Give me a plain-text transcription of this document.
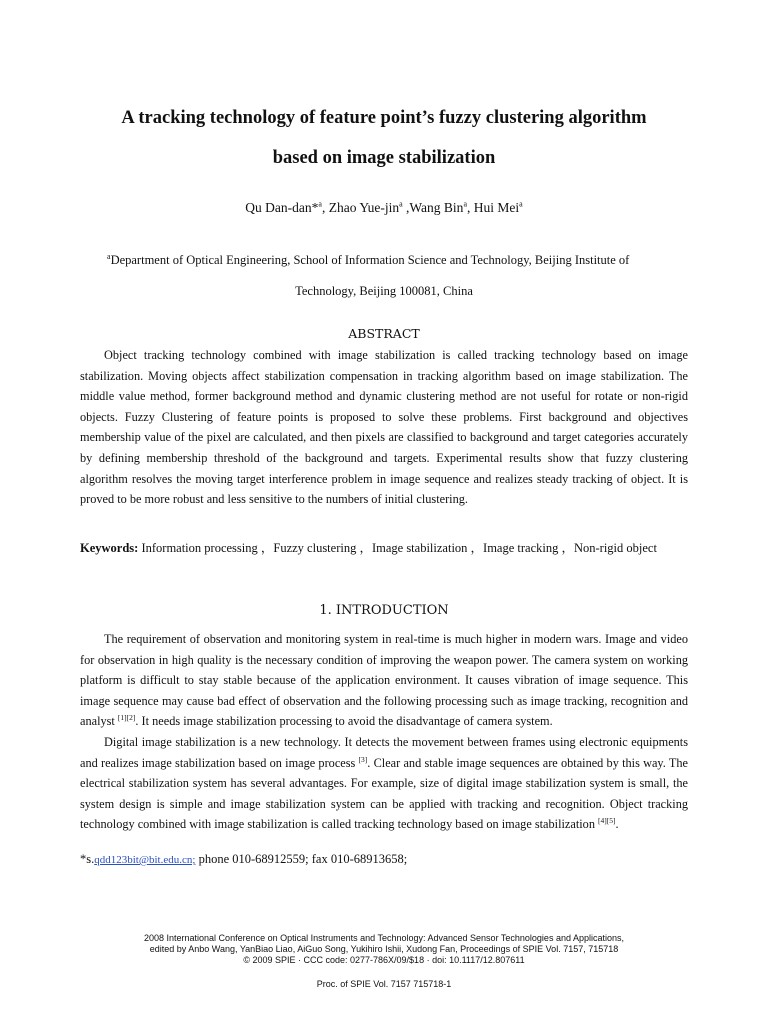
A tracking technology of feature point’s fuzzy clustering algorithm
based on image stabilization
Qu Dan-dan*$^a$, Zhao Yue-jin$^a$ ,Wang Bin$^a$, Hui Mei$^a$
$^a$Department of Optical Engineering, School of Information Science and Technology, Beijing Institute of
Technology, Beijing 100081, China
ABSTRACT

Object tracking technology combined with image stabilization is called tracking technology based on image stabilization. Moving objects affect stabilization compensation in tracking algorithm based on image stabilization. The middle value method, former background method and dynamic clustering method are not useful for rotate or non-rigid objects. Fuzzy Clustering of feature points is proposed to solve these problems. First background and objectives membership value of the pixel are calculated, and then pixels are classified to background and target categories accurately by defining membership threshold of the background and targets. Experimental results show that fuzzy clustering algorithm resolves the moving target interference problem in image sequence and realizes steady tracking of object. It is proved to be more robust and less sensitive to the numbers of initial clustering.

Keywords: Information processing ，Fuzzy clustering ，Image stabilization ，Image tracking ，Non-rigid object
1. INTRODUCTION

The requirement of observation and monitoring system in real-time is much higher in modern wars. Image and video for observation in high quality is the necessary condition of improving the weapon power. The camera system on working platform is difficult to stay stable because of the application environment. It causes vibration of image sequence. This image sequence may cause bad effect of observation and the following processing such as image tracking, recognition and analyst [1][2]. It needs image stabilization processing to avoid the disadvantage of camera system.

Digital image stabilization is a new technology. It detects the movement between frames using electronic equipments and realizes image stabilization based on image process [3]. Clear and stable image sequences are obtained by this way. The electrical stabilization system has several advantages. For example, size of digital image stabilization system is small, the system design is simple and image stabilization system can be applied with tracking and recognition. Object tracking technology combined with image stabilization is called tracking technology based on image stabilization [4][5].

*s.qdd123bit@bit.edu.cn; phone 010-68912559; fax 010-68913658;
2008 International Conference on Optical Instruments and Technology: Advanced Sensor Technologies and Applications,
edited by Anbo Wang, YanBiao Liao, AiGuo Song, Yukihiro Ishii, Xudong Fan, Proceedings of SPIE Vol. 7157, 715718
© 2009 SPIE · CCC code: 0277-786X/09/$18 · doi: 10.1117/12.807611
Proc. of SPIE Vol. 7157 715718-1
